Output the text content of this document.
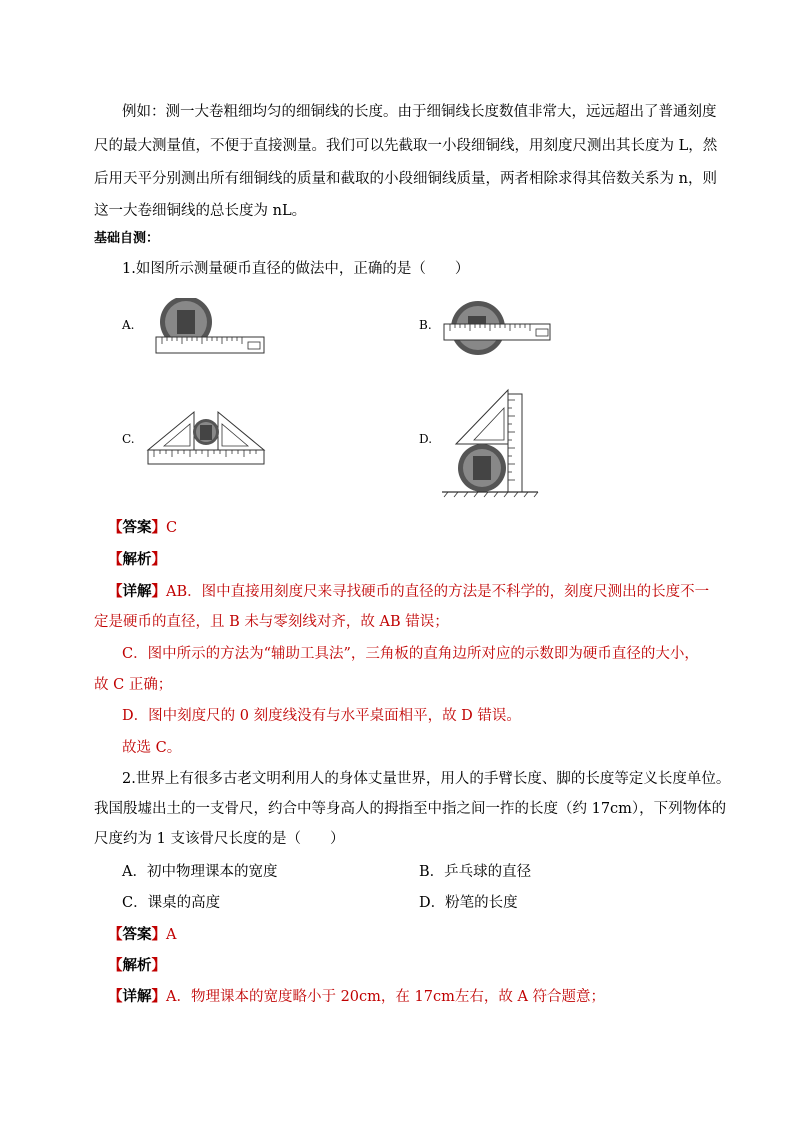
例如：测一大卷粗细均匀的细铜线的长度。由于细铜线长度数值非常大，远远超出了普通刻度
尺的最大测量值，不便于直接测量。我们可以先截取一小段细铜线，用刻度尺测出其长度为 L，然
后用天平分别测出所有细铜线的质量和截取的小段细铜线质量，两者相除求得其倍数关系为 n，则
这一大卷细铜线的总长度为 nL。
基础自测：
1.如图所示测量硬币直径的做法中，正确的是（　　）
A.	B.
C.	D.
【答案】C
【解析】
【详解】AB．图中直接用刻度尺来寻找硬币的直径的方法是不科学的，刻度尺测出的长度不一
定是硬币的直径，且 B 未与零刻线对齐，故 AB 错误；
C．图中所示的方法为“辅助工具法”，三角板的直角边所对应的示数即为硬币直径的大小，
故 C 正确；
D．图中刻度尺的 0 刻度线没有与水平桌面相平，故 D 错误。
故选 C。
2.世界上有很多古老文明利用人的身体丈量世界，用人的手臂长度、脚的长度等定义长度单位。
我国殷墟出土的一支骨尺，约合中等身高人的拇指至中指之间一拃的长度（约 17cm），下列物体的
尺度约为 1 支该骨尺长度的是（　　）
A．初中物理课本的宽度	B．乒乓球的直径
C．课桌的高度	D．粉笔的长度
【答案】A
【解析】
【详解】A．物理课本的宽度略小于 20cm，在 17cm左右，故 A 符合题意；
